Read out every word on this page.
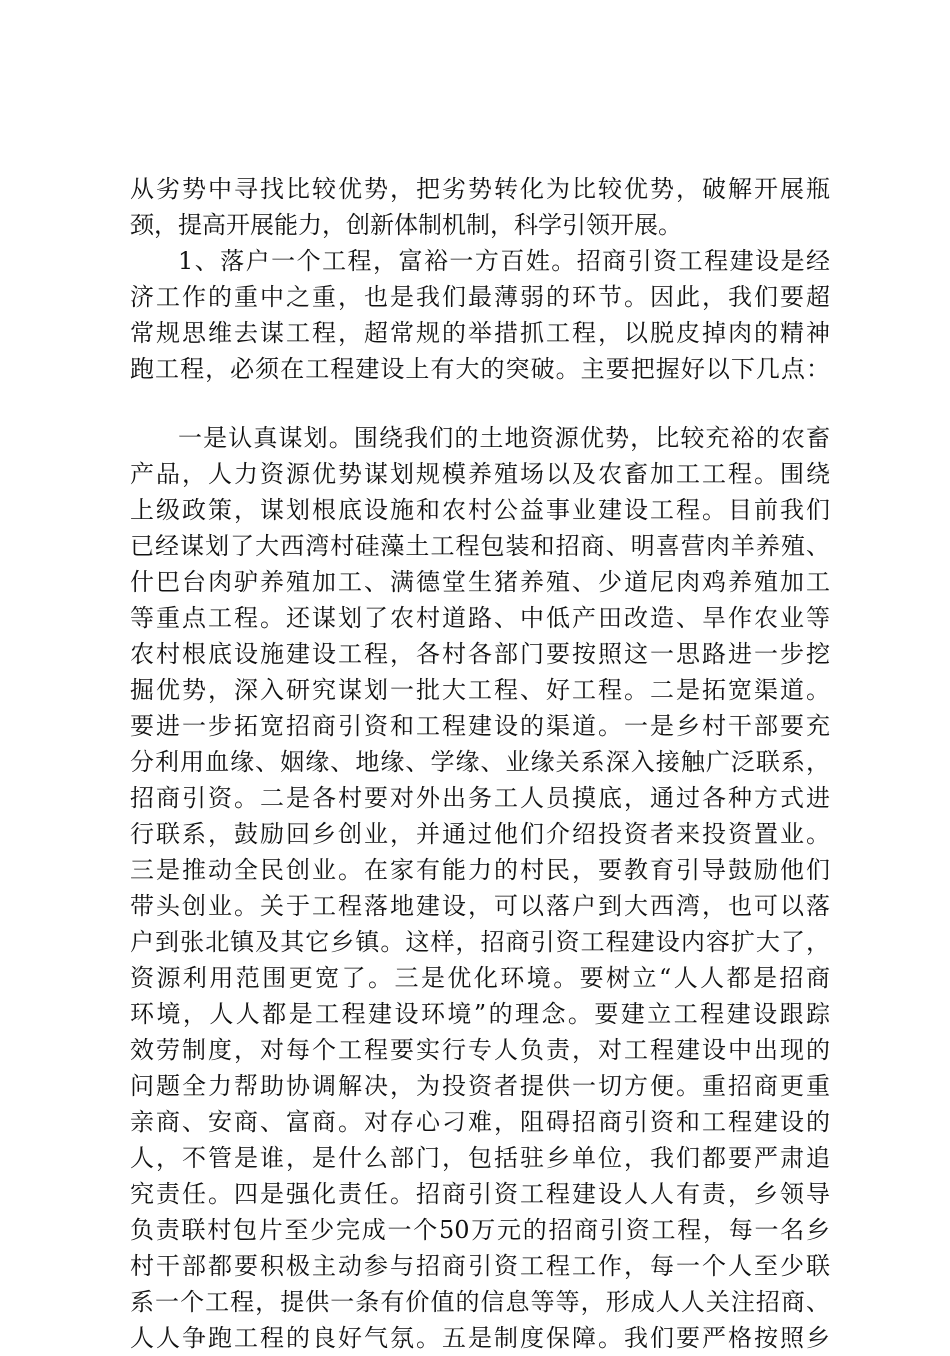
从劣势中寻找比较优势，把劣势转化为比较优势，破解开展瓶
颈，提高开展能力，创新体制机制，科学引领开展。
1、落户一个工程，富裕一方百姓。招商引资工程建设是经
济工作的重中之重，也是我们最薄弱的环节。因此，我们要超
常规思维去谋工程，超常规的举措抓工程，以脱皮掉肉的精神
跑工程，必须在工程建设上有大的突破。主要把握好以下几点：
一是认真谋划。围绕我们的土地资源优势，比较充裕的农畜
产品，人力资源优势谋划规模养殖场以及农畜加工工程。围绕
上级政策，谋划根底设施和农村公益事业建设工程。目前我们
已经谋划了大西湾村硅藻土工程包装和招商、明喜营肉羊养殖、
什巴台肉驴养殖加工、满德堂生猪养殖、少道尼肉鸡养殖加工
等重点工程。还谋划了农村道路、中低产田改造、旱作农业等
农村根底设施建设工程，各村各部门要按照这一思路进一步挖
掘优势，深入研究谋划一批大工程、好工程。二是拓宽渠道。
要进一步拓宽招商引资和工程建设的渠道。一是乡村干部要充
分利用血缘、姻缘、地缘、学缘、业缘关系深入接触广泛联系，
招商引资。二是各村要对外出务工人员摸底，通过各种方式进
行联系，鼓励回乡创业，并通过他们介绍投资者来投资置业。
三是推动全民创业。在家有能力的村民，要教育引导鼓励他们
带头创业。关于工程落地建设，可以落户到大西湾，也可以落
户到张北镇及其它乡镇。这样，招商引资工程建设内容扩大了，
资源利用范围更宽了。三是优化环境。要树立“人人都是招商
环境，人人都是工程建设环境”的理念。要建立工程建设跟踪
效劳制度，对每个工程要实行专人负责，对工程建设中出现的
问题全力帮助协调解决，为投资者提供一切方便。重招商更重
亲商、安商、富商。对存心刁难，阻碍招商引资和工程建设的
人，不管是谁，是什么部门，包括驻乡单位，我们都要严肃追
究责任。四是强化责任。招商引资工程建设人人有责，乡领导
负责联村包片至少完成一个50万元的招商引资工程，每一名乡
村干部都要积极主动参与招商引资工程工作，每一个人至少联
系一个工程，提供一条有价值的信息等等，形成人人关注招商、
人人争跑工程的良好气氛。五是制度保障。我们要严格按照乡
